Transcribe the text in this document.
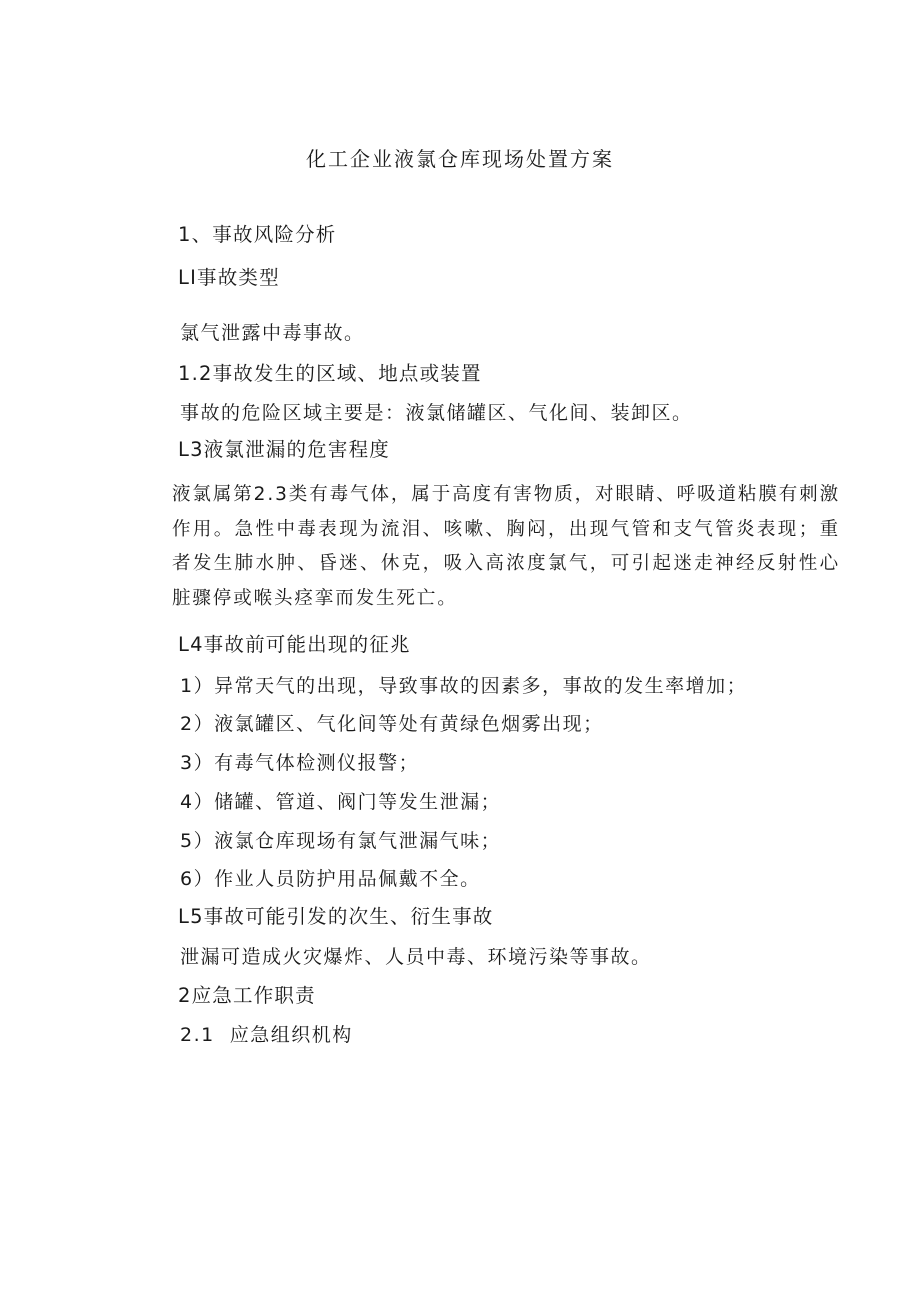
化工企业液氯仓库现场处置方案
1、事故风险分析
LI事故类型
氯气泄露中毒事故。
1.2事故发生的区域、地点或装置
事故的危险区域主要是：液氯储罐区、气化间、装卸区。
L3液氯泄漏的危害程度
液氯属第2.3类有毒气体，属于高度有害物质，对眼睛、呼吸道粘膜有刺激作用。急性中毒表现为流泪、咳嗽、胸闷，出现气管和支气管炎表现；重者发生肺水肿、昏迷、休克，吸入高浓度氯气，可引起迷走神经反射性心脏骤停或喉头痉挛而发生死亡。
L4事故前可能出现的征兆
1）异常天气的出现，导致事故的因素多，事故的发生率增加；
2）液氯罐区、气化间等处有黄绿色烟雾出现；
3）有毒气体检测仪报警；
4）储罐、管道、阀门等发生泄漏；
5）液氯仓库现场有氯气泄漏气味；
6）作业人员防护用品佩戴不全。
L5事故可能引发的次生、衍生事故
泄漏可造成火灾爆炸、人员中毒、环境污染等事故。
2应急工作职责
2.1  应急组织机构
